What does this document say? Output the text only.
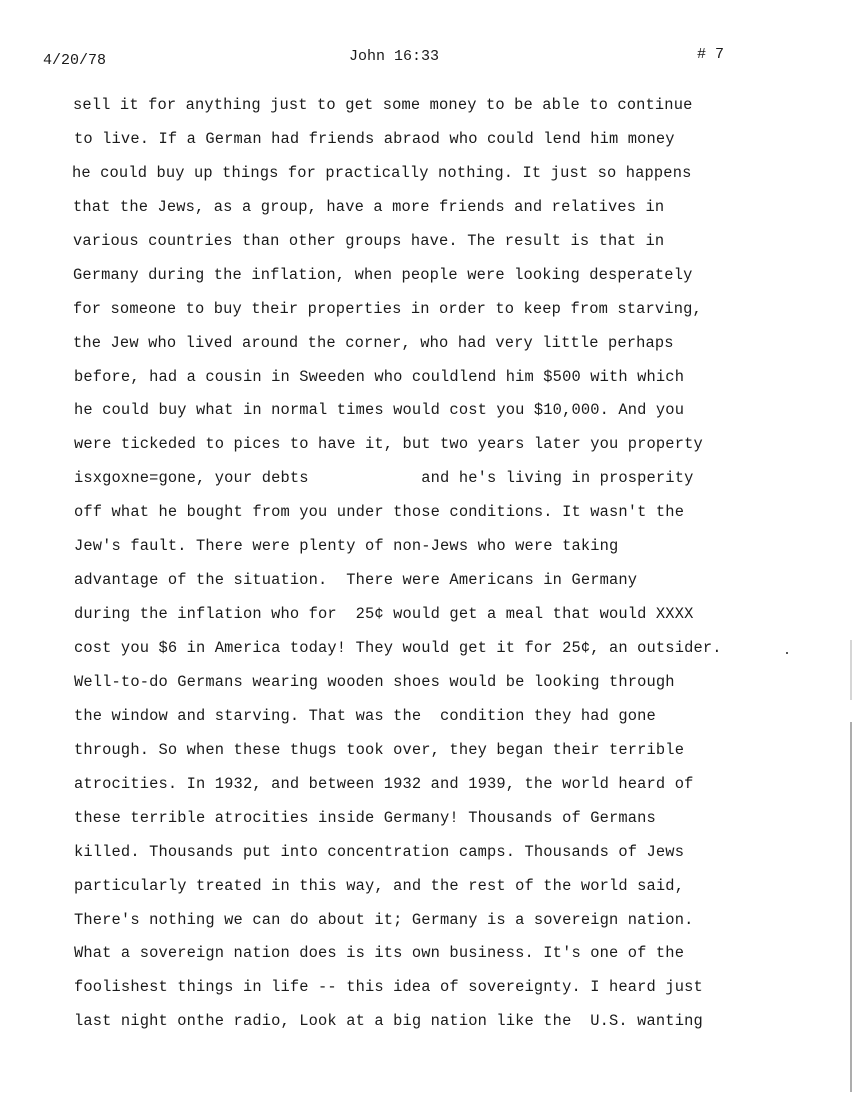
4/20/78	John 16:33	# 7
sell it for anything just to get some money to be able to continue
to live. If a German had friends abraod who could lend him money
he could buy up things for practically nothing. It just so happens
that the Jews, as a group, have a more friends and relatives in
various countries than other groups have. The result is that in
Germany during the inflation, when people were looking desperately
for someone to buy their properties in order to keep from starving,
the Jew who lived around the corner, who had very little perhaps
before, had a cousin in Sweeden who couldlend him $500 with which
he could buy what in normal times would cost you $10,000. And you
were tickeded to pices to have it, but two years later you property
isxgoxne=gone, your debts            and he's living in prosperity
off what he bought from you under those conditions. It wasn't the
Jew's fault. There were plenty of non-Jews who were taking
advantage of the situation.  There were Americans in Germany
during the inflation who for  25¢ would get a meal that would XXXX
cost you $6 in America today! They would get it for 25¢, an outsider.
Well-to-do Germans wearing wooden shoes would be looking through
the window and starving. That was the  condition they had gone
through. So when these thugs took over, they began their terrible
atrocities. In 1932, and between 1932 and 1939, the world heard of
these terrible atrocities inside Germany! Thousands of Germans
killed. Thousands put into concentration camps. Thousands of Jews
particularly treated in this way, and the rest of the world said,
There's nothing we can do about it; Germany is a sovereign nation.
What a sovereign nation does is its own business. It's one of the
foolishest things in life -- this idea of sovereignty. I heard just
last night onthe radio, Look at a big nation like the  U.S. wanting
